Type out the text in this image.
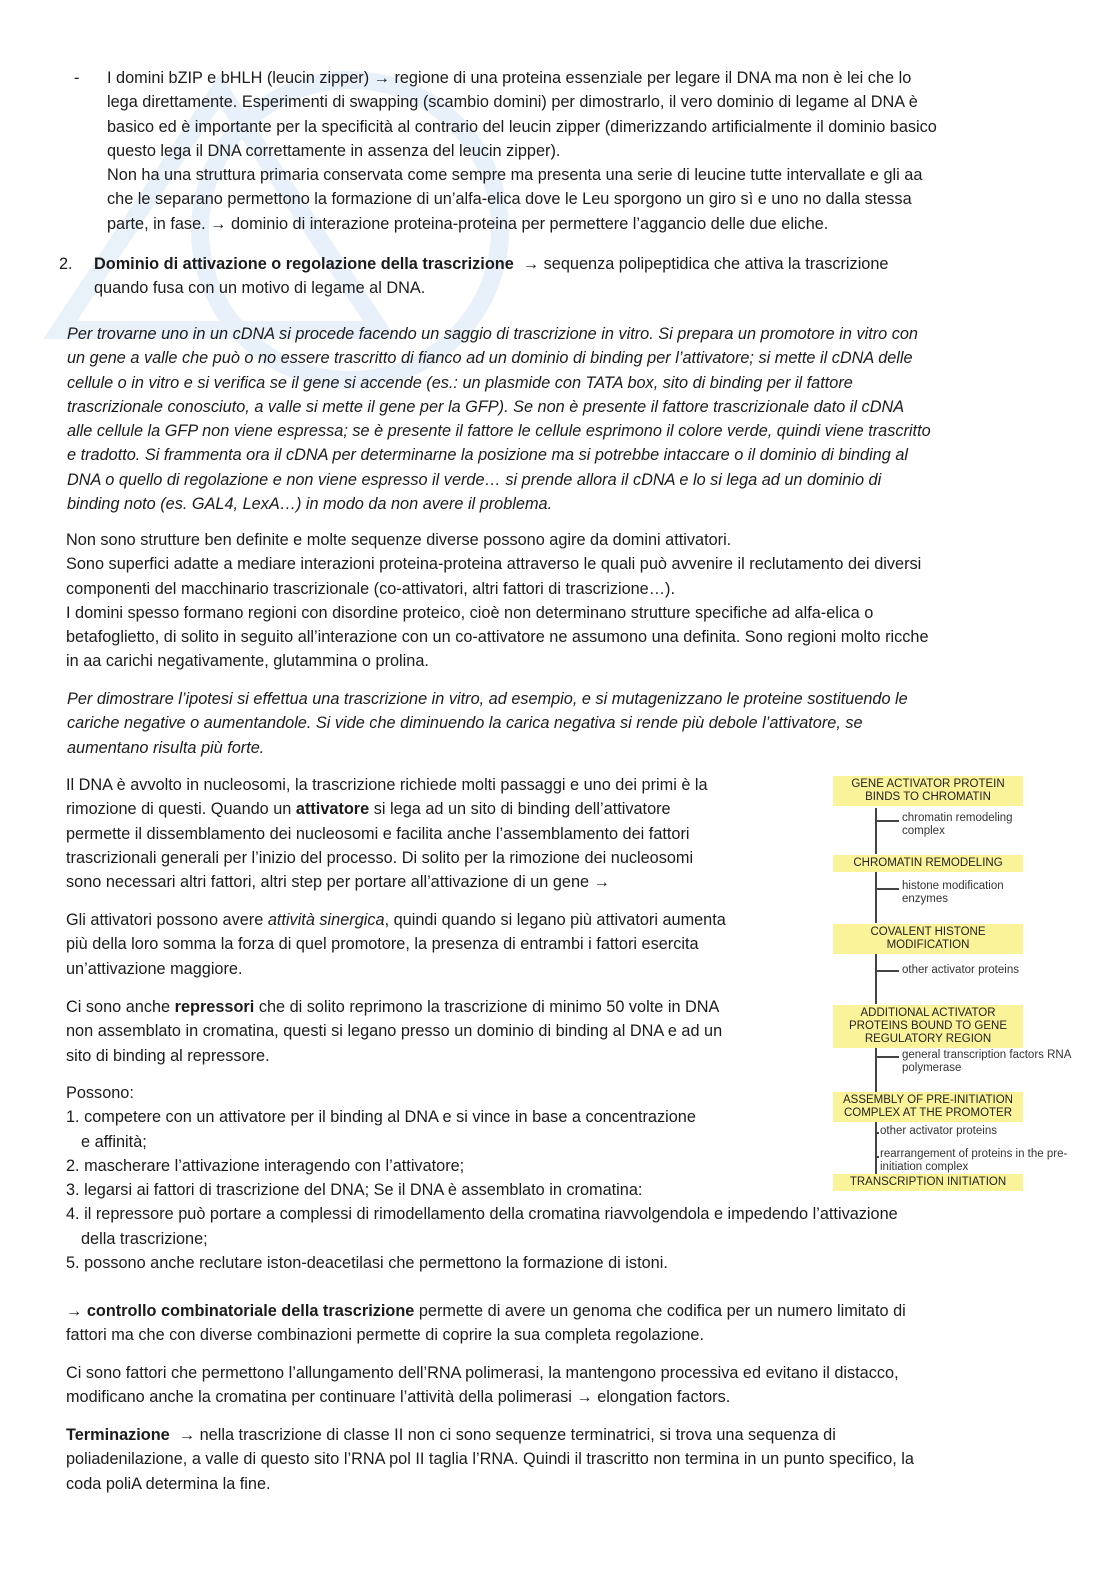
- I domini bZIP e bHLH (leucin zipper) → regione di una proteina essenziale per legare il DNA ma non è lei che lo

lega direttamente. Esperimenti di swapping (scambio domini) per dimostrarlo, il vero dominio di legame al DNA è

basico ed è importante per la specificità al contrario del leucin zipper (dimerizzando artificialmente il dominio basico

questo lega il DNA correttamente in assenza del leucin zipper).

Non ha una struttura primaria conservata come sempre ma presenta una serie di leucine tutte intervallate e gli aa

che le separano permettono la formazione di un’alfa-elica dove le Leu sporgono un giro sì e uno no dalla stessa

parte, in fase. → dominio di interazione proteina-proteina per permettere l’aggancio delle due eliche.

2. Dominio di attivazione o regolazione della trascrizione → sequenza polipeptidica che attiva la trascrizione

quando fusa con un motivo di legame al DNA.

Per trovarne uno in un cDNA si procede facendo un saggio di trascrizione in vitro. Si prepara un promotore in vitro con

un gene a valle che può o no essere trascritto di fianco ad un dominio di binding per l’attivatore; si mette il cDNA delle

cellule o in vitro e si verifica se il gene si accende (es.: un plasmide con TATA box, sito di binding per il fattore

trascrizionale conosciuto, a valle si mette il gene per la GFP). Se non è presente il fattore trascrizionale dato il cDNA

alle cellule la GFP non viene espressa; se è presente il fattore le cellule esprimono il colore verde, quindi viene trascritto

e tradotto. Si frammenta ora il cDNA per determinarne la posizione ma si potrebbe intaccare o il dominio di binding al

DNA o quello di regolazione e non viene espresso il verde… si prende allora il cDNA e lo si lega ad un dominio di

binding noto (es. GAL4, LexA…) in modo da non avere il problema.

Non sono strutture ben definite e molte sequenze diverse possono agire da domini attivatori.

Sono superfici adatte a mediare interazioni proteina-proteina attraverso le quali può avvenire il reclutamento dei diversi

componenti del macchinario trascrizionale (co-attivatori, altri fattori di trascrizione…).

I domini spesso formano regioni con disordine proteico, cioè non determinano strutture specifiche ad alfa-elica o

betafoglietto, di solito in seguito all’interazione con un co-attivatore ne assumono una definita. Sono regioni molto ricche

in aa carichi negativamente, glutammina o prolina.

Per dimostrare l’ipotesi si effettua una trascrizione in vitro, ad esempio, e si mutagenizzano le proteine sostituendo le

cariche negative o aumentandole. Si vide che diminuendo la carica negativa si rende più debole l’attivatore, se

aumentano risulta più forte.

Il DNA è avvolto in nucleosomi, la trascrizione richiede molti passaggi e uno dei primi è la

rimozione di questi. Quando un attivatore si lega ad un sito di binding dell’attivatore

permette il dissemblamento dei nucleosomi e facilita anche l’assemblamento dei fattori

trascrizionali generali per l’inizio del processo. Di solito per la rimozione dei nucleosomi

sono necessari altri fattori, altri step per portare all’attivazione di un gene →

Gli attivatori possono avere attività sinergica, quindi quando si legano più attivatori aumenta

più della loro somma la forza di quel promotore, la presenza di entrambi i fattori esercita

un’attivazione maggiore.

Ci sono anche repressori che di solito reprimono la trascrizione di minimo 50 volte in DNA

non assemblato in cromatina, questi si legano presso un dominio di binding al DNA e ad un

sito di binding al repressore.

Possono:
1. competere con un attivatore per il binding al DNA e si vince in base a concentrazione
e affinità;
2. mascherare l’attivazione interagendo con l’attivatore;
3. legarsi ai fattori di trascrizione del DNA; Se il DNA è assemblato in cromatina:
4. il repressore può portare a complessi di rimodellamento della cromatina riavvolgendola e impedendo l’attivazione
della trascrizione;
5. possono anche reclutare iston-deacetilasi che permettono la formazione di istoni.

→ controllo combinatoriale della trascrizione permette di avere un genoma che codifica per un numero limitato di

fattori ma che con diverse combinazioni permette di coprire la sua completa regolazione.

Ci sono fattori che permettono l’allungamento dell’RNA polimerasi, la mantengono processiva ed evitano il distacco,

modificano anche la cromatina per continuare l’attività della polimerasi → elongation factors.

Terminazione → nella trascrizione di classe II non ci sono sequenze terminatrici, si trova una sequenza di

poliadenilazione, a valle di questo sito l’RNA pol II taglia l’RNA. Quindi il trascritto non termina in un punto specifico, la

coda poliA determina la fine.

GENE ACTIVATOR PROTEIN BINDS TO CHROMATIN
chromatin remodeling complex
CHROMATIN REMODELING
histone modification enzymes
COVALENT HISTONE MODIFICATION
other activator proteins
ADDITIONAL ACTIVATOR PROTEINS BOUND TO GENE REGULATORY REGION
general transcription factors RNA polymerase
ASSEMBLY OF PRE-INITIATION COMPLEX AT THE PROMOTER
other activator proteins
rearrangement of proteins in the pre-initiation complex
TRANSCRIPTION INITIATION
